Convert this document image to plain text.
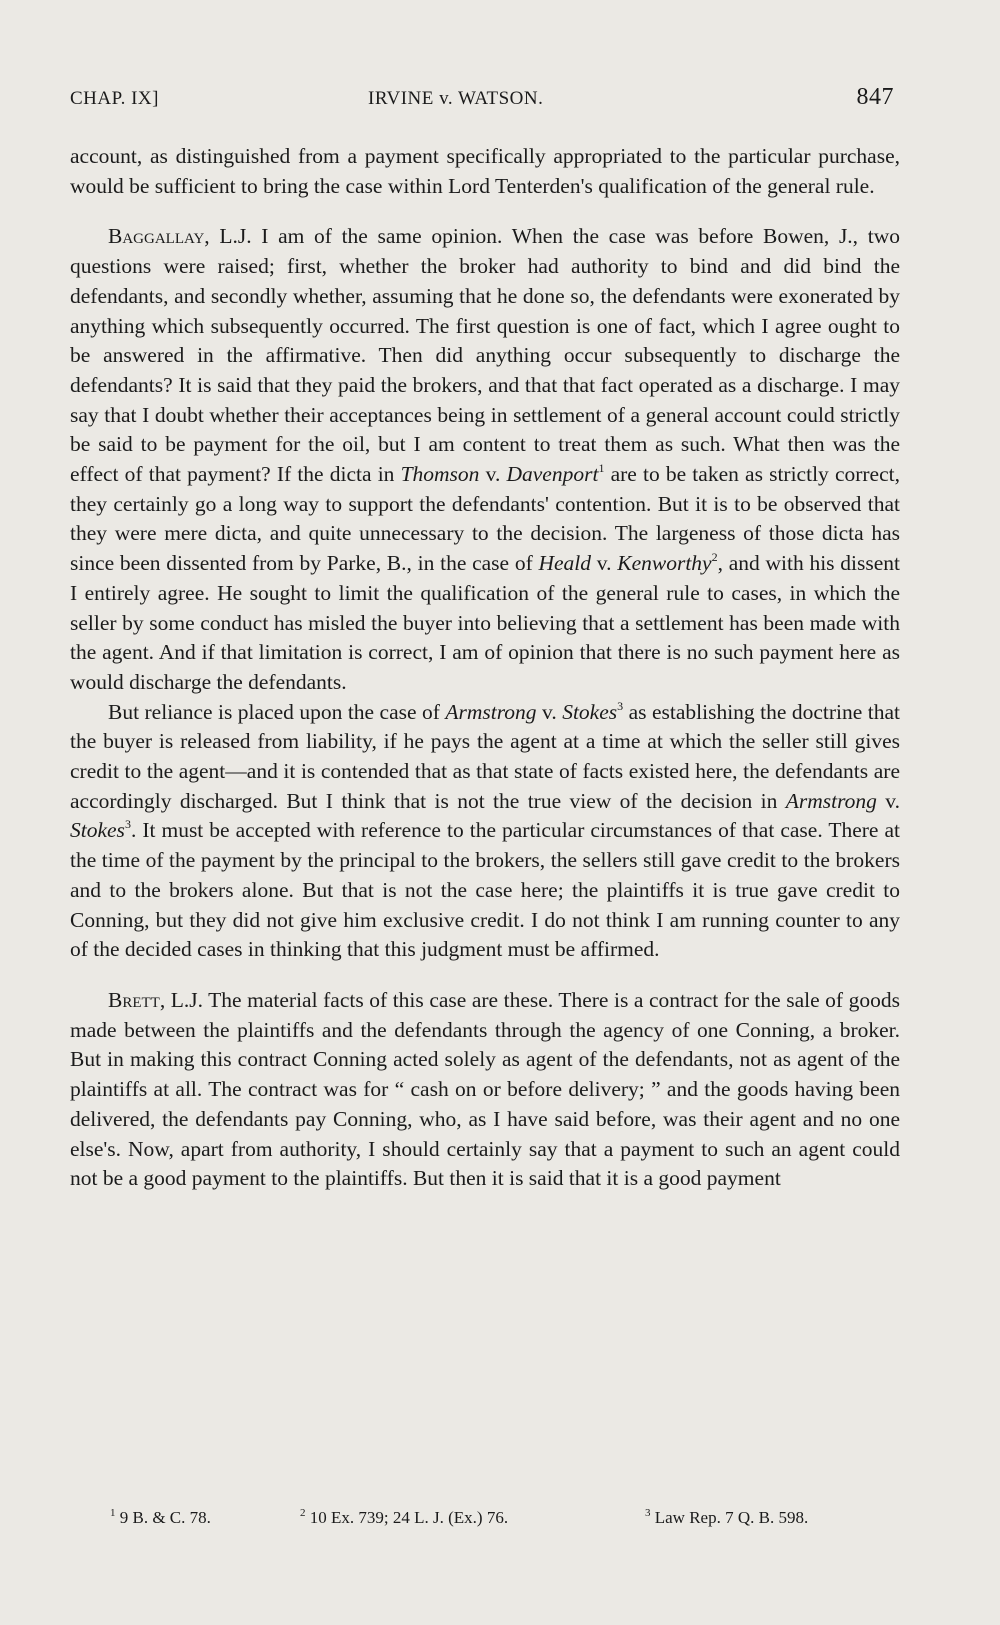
CHAP. IX]	IRVINE v. WATSON.	847

account, as distinguished from a payment specifically appropriated to the particular purchase, would be sufficient to bring the case within Lord Tenterden's qualification of the general rule.

Baggallay, L.J. I am of the same opinion. When the case was before Bowen, J., two questions were raised; first, whether the broker had authority to bind and did bind the defendants, and secondly whether, assuming that he done so, the defendants were exonerated by anything which subsequently occurred. The first question is one of fact, which I agree ought to be answered in the affirmative. Then did anything occur subsequently to discharge the defendants? It is said that they paid the brokers, and that that fact operated as a discharge. I may say that I doubt whether their acceptances being in settlement of a general account could strictly be said to be payment for the oil, but I am content to treat them as such. What then was the effect of that payment? If the dicta in Thomson v. Davenport$^1$ are to be taken as strictly correct, they certainly go a long way to support the defendants' contention. But it is to be observed that they were mere dicta, and quite unnecessary to the decision. The largeness of those dicta has since been dissented from by Parke, B., in the case of Heald v. Kenworthy$^2$, and with his dissent I entirely agree. He sought to limit the qualification of the general rule to cases, in which the seller by some conduct has misled the buyer into believing that a settlement has been made with the agent. And if that limitation is correct, I am of opinion that there is no such payment here as would discharge the defendants.

But reliance is placed upon the case of Armstrong v. Stokes$^3$ as establishing the doctrine that the buyer is released from liability, if he pays the agent at a time at which the seller still gives credit to the agent—and it is contended that as that state of facts existed here, the defendants are accordingly discharged. But I think that is not the true view of the decision in Armstrong v. Stokes$^3$. It must be accepted with reference to the particular circumstances of that case. There at the time of the payment by the principal to the brokers, the sellers still gave credit to the brokers and to the brokers alone. But that is not the case here; the plaintiffs it is true gave credit to Conning, but they did not give him exclusive credit. I do not think I am running counter to any of the decided cases in thinking that this judgment must be affirmed.

Brett, L.J. The material facts of this case are these. There is a contract for the sale of goods made between the plaintiffs and the defendants through the agency of one Conning, a broker. But in making this contract Conning acted solely as agent of the defendants, not as agent of the plaintiffs at all. The contract was for “ cash on or before delivery; ” and the goods having been delivered, the defendants pay Conning, who, as I have said before, was their agent and no one else's. Now, apart from authority, I should certainly say that a payment to such an agent could not be a good payment to the plaintiffs. But then it is said that it is a good payment

$^1$ 9 B. & C. 78.	$^2$ 10 Ex. 739; 24 L. J. (Ex.) 76.	$^3$ Law Rep. 7 Q. B. 598.
